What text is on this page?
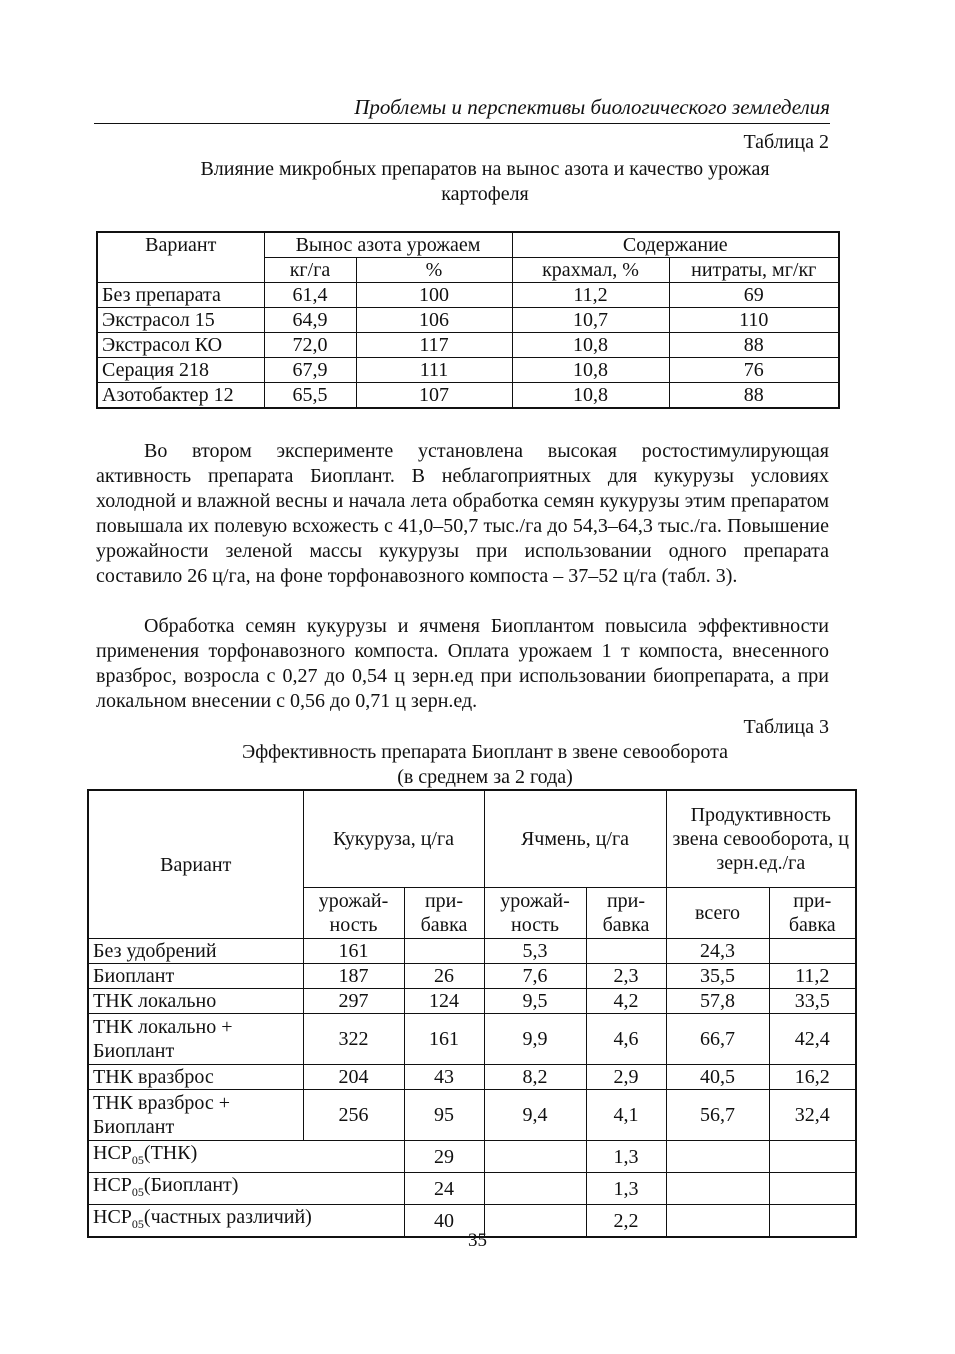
Проблемы и перспективы биологического земледелия
Таблица 2
Влияние микробных препаратов на вынос азота и качество урожая
картофеля
Вариант	Вынос азота урожаем		Содержание	
	кг/га	%	крахмал, %	нитраты, мг/кг
Без препарата	61,4	100	11,2	69
Экстрасол 15	64,9	106	10,7	110
Экстрасол КО	72,0	117	10,8	88
Серация 218	67,9	111	10,8	76
Азотобактер 12	65,5	107	10,8	88
Во втором эксперименте установлена высокая ростостимулирующая активность препарата Биоплант. В неблагоприятных для кукурузы условиях холодной и влажной весны и начала лета обработка семян кукурузы этим препаратом повышала их полевую всхожесть с 41,0–50,7 тыс./га до 54,3–64,3 тыс./га. Повышение урожайности зеленой массы кукурузы при использовании одного препарата составило 26 ц/га, на фоне торфонавозного компоста – 37–52 ц/га (табл. 3).
Обработка семян кукурузы и ячменя Биоплантом повысила эффективности применения торфонавозного компоста. Оплата урожаем 1 т компоста, внесенного вразброс, возросла с 0,27 до 0,54 ц зерн.ед при использовании биопрепарата, а при локальном внесении с 0,56 до 0,71 ц зерн.ед.
Таблица 3
Эффективность препарата Биоплант в звене севооборота
(в среднем за 2 года)
Вариант	Кукуруза, ц/га		Ячмень, ц/га		Продуктивность звена севооборота, ц зерн.ед./га	
	урожай-ность	при-бавка	урожай-ность	при-бавка	всего	при-бавка
Без удобрений	161		5,3		24,3	
Биоплант	187	26	7,6	2,3	35,5	11,2
ТНК локально	297	124	9,5	4,2	57,8	33,5
ТНК локально + Биоплант	322	161	9,9	4,6	66,7	42,4
ТНК вразброс	204	43	8,2	2,9	40,5	16,2
ТНК вразброс + Биоплант	256	95	9,4	4,1	56,7	32,4
$НСР_{05}(ТНК)$		29		1,3		
$НСР_{05}(Биоплант)$		24		1,3		
$НСР_{05}(частных$ различий)		40		2,2		
35
